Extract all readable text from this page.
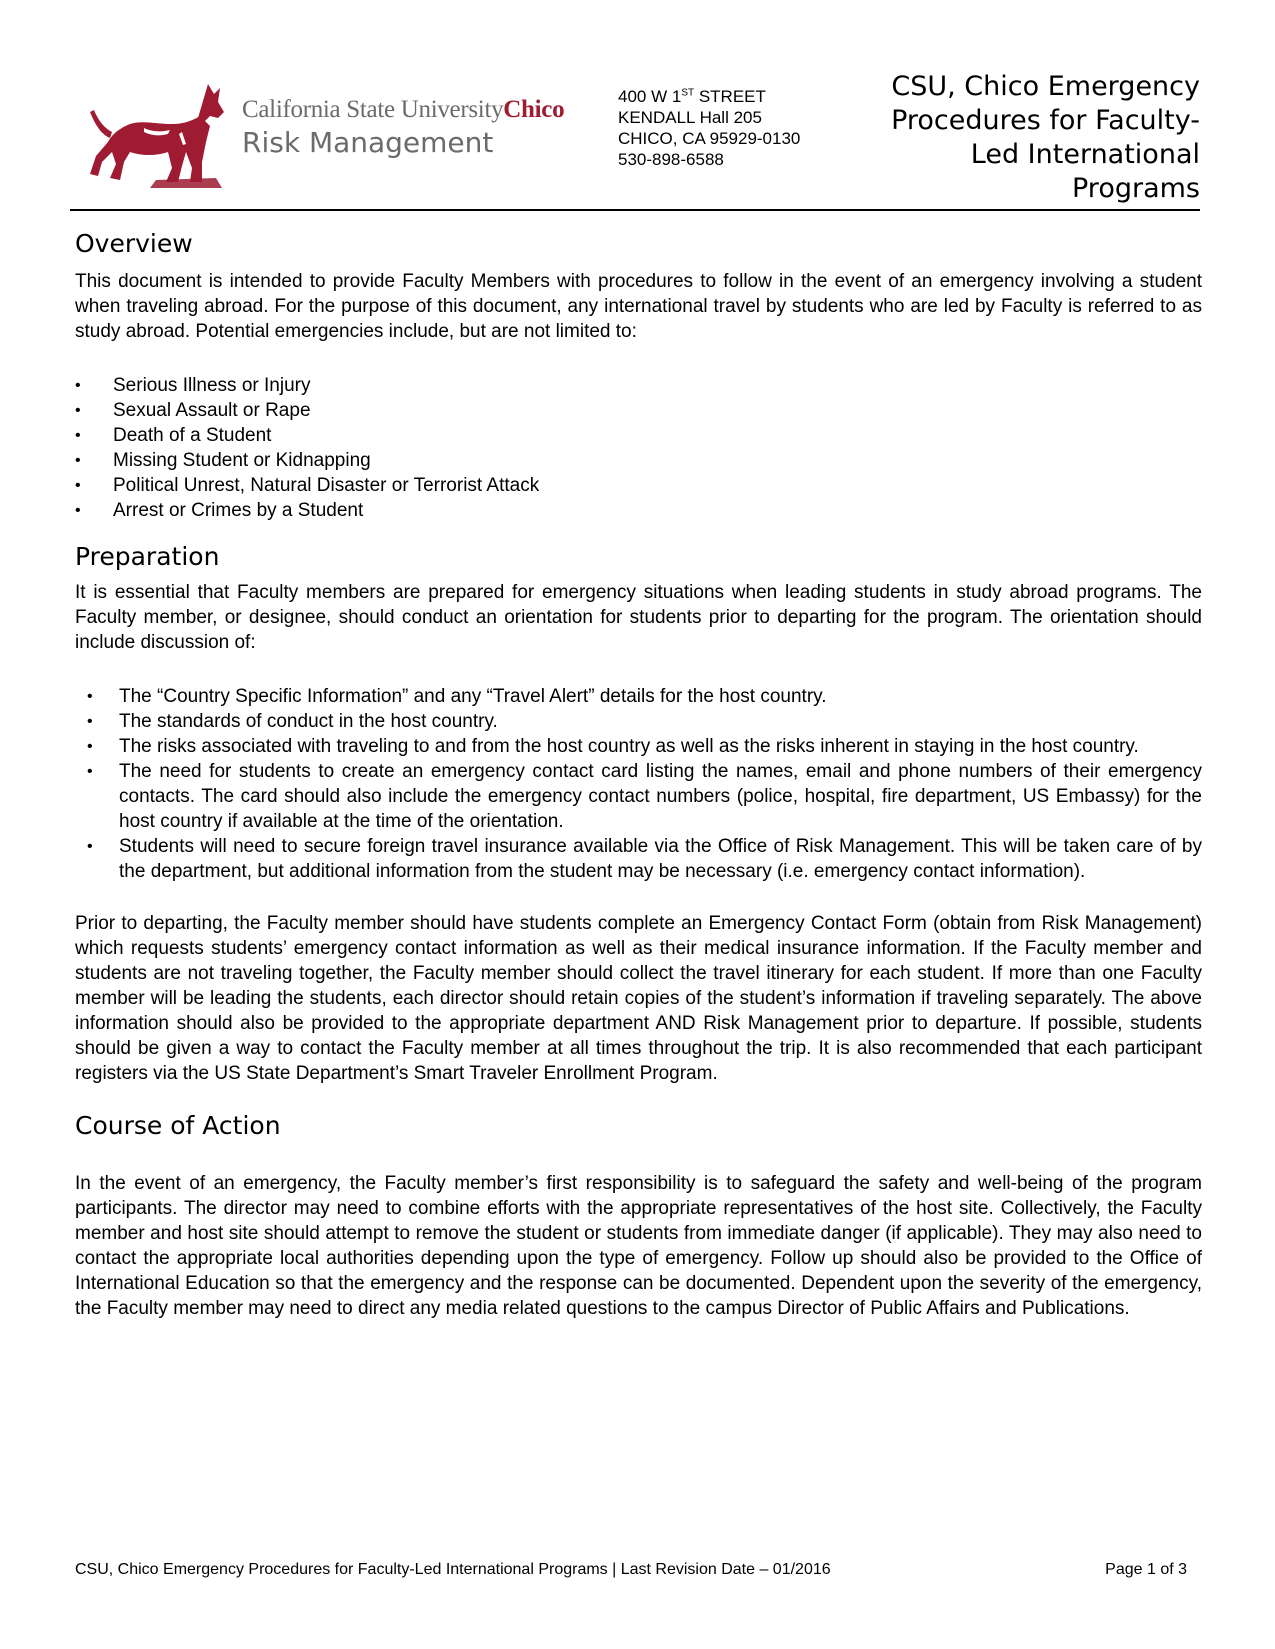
California State UniversityChico
Risk Management
400 W 1ST STREET
KENDALL Hall 205
CHICO, CA 95929-0130
530-898-6588
CSU, Chico Emergency
Procedures for Faculty-
Led International
Programs
Overview

This document is intended to provide Faculty Members with procedures to follow in the event of an emergency involving a student when traveling abroad. For the purpose of this document, any international travel by students who are led by Faculty is referred to as study abroad. Potential emergencies include, but are not limited to:

• Serious Illness or Injury
• Sexual Assault or Rape
• Death of a Student
• Missing Student or Kidnapping
• Political Unrest, Natural Disaster or Terrorist Attack
• Arrest or Crimes by a Student
Preparation

It is essential that Faculty members are prepared for emergency situations when leading students in study abroad programs. The Faculty member, or designee, should conduct an orientation for students prior to departing for the program. The orientation should include discussion of:

• The “Country Specific Information” and any “Travel Alert” details for the host country.
• The standards of conduct in the host country.
• The risks associated with traveling to and from the host country as well as the risks inherent in staying in the host country.
• The need for students to create an emergency contact card listing the names, email and phone numbers of their emergency contacts. The card should also include the emergency contact numbers (police, hospital, fire department, US Embassy) for the host country if available at the time of the orientation.
• Students will need to secure foreign travel insurance available via the Office of Risk Management. This will be taken care of by the department, but additional information from the student may be necessary (i.e. emergency contact information).

Prior to departing, the Faculty member should have students complete an Emergency Contact Form (obtain from Risk Management) which requests students’ emergency contact information as well as their medical insurance information. If the Faculty member and students are not traveling together, the Faculty member should collect the travel itinerary for each student. If more than one Faculty member will be leading the students, each director should retain copies of the student’s information if traveling separately. The above information should also be provided to the appropriate department AND Risk Management prior to departure. If possible, students should be given a way to contact the Faculty member at all times throughout the trip. It is also recommended that each participant registers via the US State Department’s Smart Traveler Enrollment Program.

Course of Action

In the event of an emergency, the Faculty member’s first responsibility is to safeguard the safety and well-being of the program participants. The director may need to combine efforts with the appropriate representatives of the host site. Collectively, the Faculty member and host site should attempt to remove the student or students from immediate danger (if applicable). They may also need to contact the appropriate local authorities depending upon the type of emergency. Follow up should also be provided to the Office of International Education so that the emergency and the response can be documented. Dependent upon the severity of the emergency, the Faculty member may need to direct any media related questions to the campus Director of Public Affairs and Publications.

CSU, Chico Emergency Procedures for Faculty-Led International Programs | Last Revision Date – 01/2016	Page 1 of 3
